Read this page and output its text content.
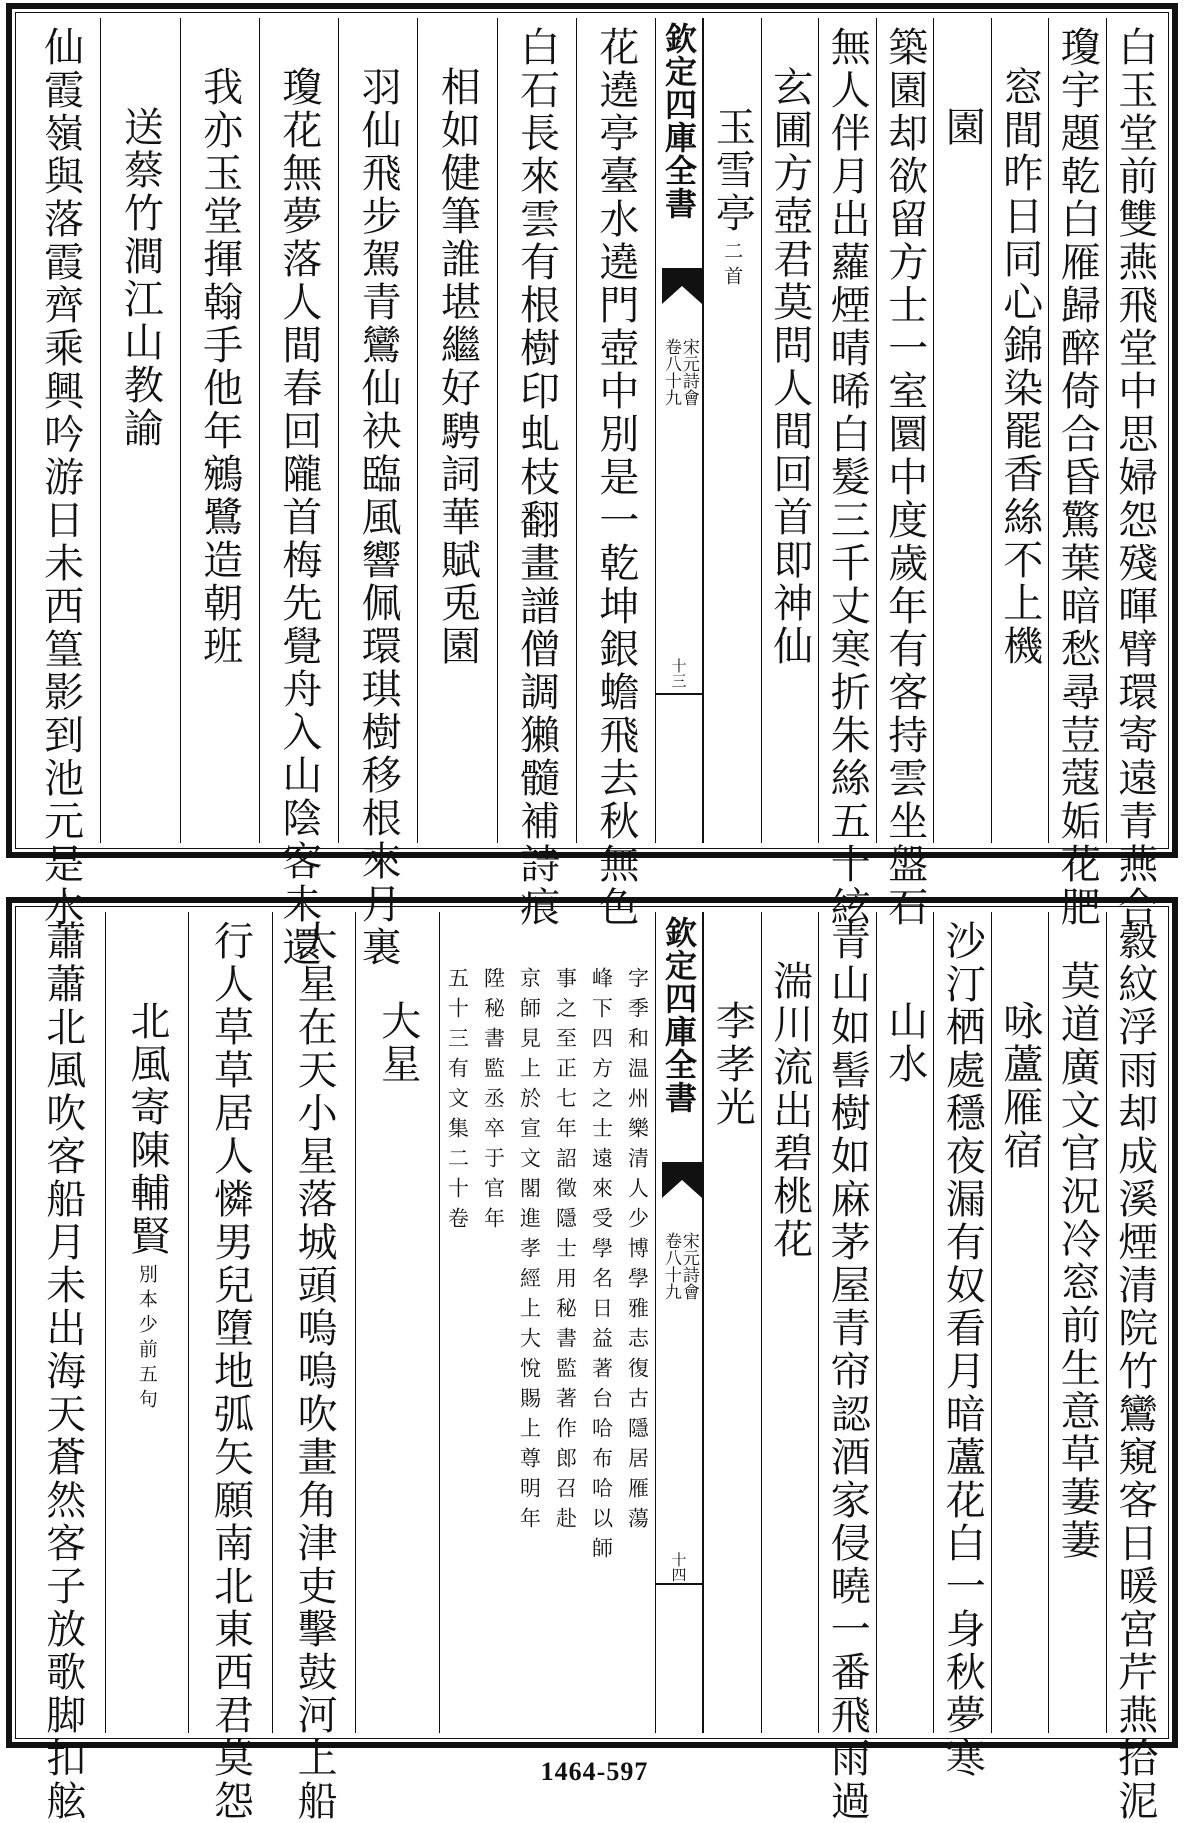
白玉堂前雙燕飛堂中思婦怨殘暉臂環寄遠青燕合
瓊宇題乾白雁歸醉倚合昏驚葉暗愁尋荳蔻姤花肥
窓間昨日同心錦染罷香絲不上機
園
築園却欲留方士一室圜中度歲年有客持雲坐盤石
無人伴月出蘿煙晴晞白髮三千丈寒折朱絲五十絃
玄圃方壺君莫問人間回首即神仙
玉雪亭二首
欽定四庫全書
宋元詩會
卷八十九
十三
花遶亭臺水遶門壺中別是一乾坤銀蟾飛去秋無色
白石長來雲有根樹印虬枝翻畫譜僧調獺髓補詩痕
相如健筆誰堪繼好騁詞華賦兎園
羽仙飛步駕青鸞仙袂臨風響佩環琪樹移根來月裏
瓊花無夢落人間春回隴首梅先覺舟入山陰客未還
我亦玉堂揮翰手他年鵷鷺造朝班
送蔡竹澗江山教諭
仙霞嶺與落霞齊乘興吟游日未西篁影到池元是水
縠紋浮雨却成溪煙清院竹鸞窺客日暖宮芹燕拾泥
莫道廣文官況冷窓前生意草萋萋
咏蘆雁宿
沙汀栖處穩夜漏有奴看月暗蘆花白一身秋夢寒
山水
青山如髻樹如麻茅屋青帘認酒家侵曉一番飛雨過
湍川流出碧桃花
李孝光
欽定四庫全書
宋元詩會
卷八十九
十四
字季和温州樂清人少博學雅志復古隱居雁蕩
峰下四方之士遠來受學名日益著台哈布哈以師
事之至正七年詔徵隱士用秘書監著作郎召赴
京師見上於宣文閣進孝經上大悅賜上尊明年
陞秘書監丞卒于官年
五十三有文集二十卷
大星
大星在天小星落城頭嗚嗚吹畫角津吏擊鼓河上船
行人草草居人憐男兒墮地弧矢願南北東西君莫怨
北風寄陳輔賢別本少前五句
蕭蕭北風吹客船月未出海天蒼然客子放歌脚扣舷	1464-597
